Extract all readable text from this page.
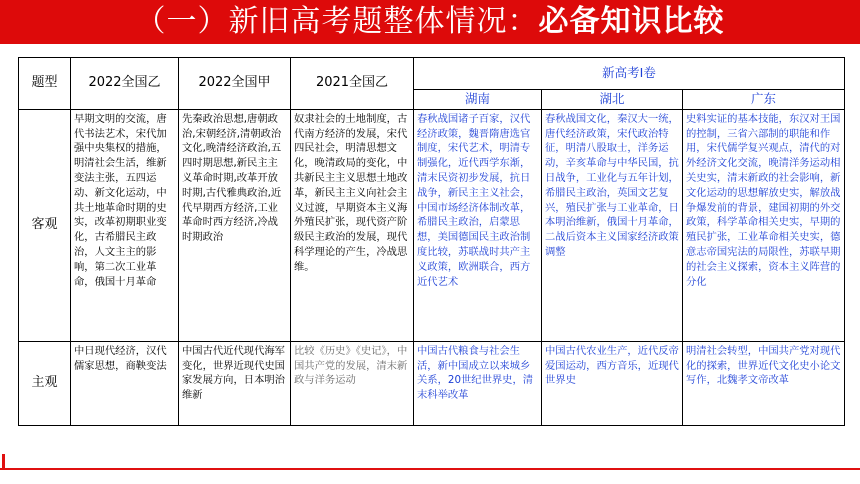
（一）新旧高考题整体情况：必备知识比较
题型	2022全国乙	2022全国甲	2021全国乙	新高考Ⅰ卷		
				湖南	湖北	广东
客观	早期文明的交流，唐代书法艺术，宋代加强中央集权的措施，明清社会生活，维新变法主张，五四运动、新文化运动，中共土地革命时期的史实，改革初期职业变化，古希腊民主政治，人文主主的影响，第二次工业革命，俄国十月革命	先秦政治思想,唐朝政治,宋朝经济,清朝政治文化,晚清经济政治,五四时期思想,新民主主义革命时期,改革开放时期,古代雅典政治,近代早期西方经济,工业革命时西方经济,冷战时期政治	奴隶社会的土地制度，古代南方经济的发展，宋代四民社会，明清思想文化，晚清政局的变化，中共新民主主义思想土地改革，新民主主义向社会主义过渡，早期资本主义海外殖民扩张，现代资产阶级民主政治的发展，现代科学理论的产生，冷战思维。	春秋战国诸子百家，汉代经济政策，魏晋隋唐选官制度，宋代艺术，明清专制强化，近代西学东渐，清末民资初步发展，抗日战争，新民主主义社会，中国市场经济体制改革，希腊民主政治，启蒙思想，美国德国民主政治制度比较，苏联战时共产主义政策，欧洲联合，西方近代艺术	春秋战国文化，秦汉大一统，唐代经济政策，宋代政治特征，明清八股取士，洋务运动，辛亥革命与中华民国，抗日战争，工业化与五年计划，希腊民主政治，英国文艺复兴，殖民扩张与工业革命，日本明治维新，俄国十月革命，二战后资本主义国家经济政策调整	史料实证的基本技能，东汉对王国的控制，三省六部制的职能和作用，宋代儒学复兴观点，清代的对外经济文化交流，晚清洋务运动相关史实，清末新政的社会影响，新文化运动的思想解放史实，解放战争爆发前的背景，建国初期的外交政策，科学革命相关史实，早期的殖民扩张，工业革命相关史实，德意志帝国宪法的局限性，苏联早期的社会主义探索，资本主义阵营的分化
主观	中日现代经济，汉代儒家思想，商鞅变法	中国古代近代现代海军变化，世界近现代史国家发展方向，日本明治维新	比较《历史》《史记》，中国共产党的发展，清末新政与洋务运动	中国古代粮食与社会生活，新中国成立以来城乡关系，20世纪世界史，清末科举改革	中国古代农业生产，近代反帝爱国运动，西方音乐，近现代世界史	明清社会转型，中国共产党对现代化的探索，世界近代文化史小论文写作，北魏孝文帝改革
